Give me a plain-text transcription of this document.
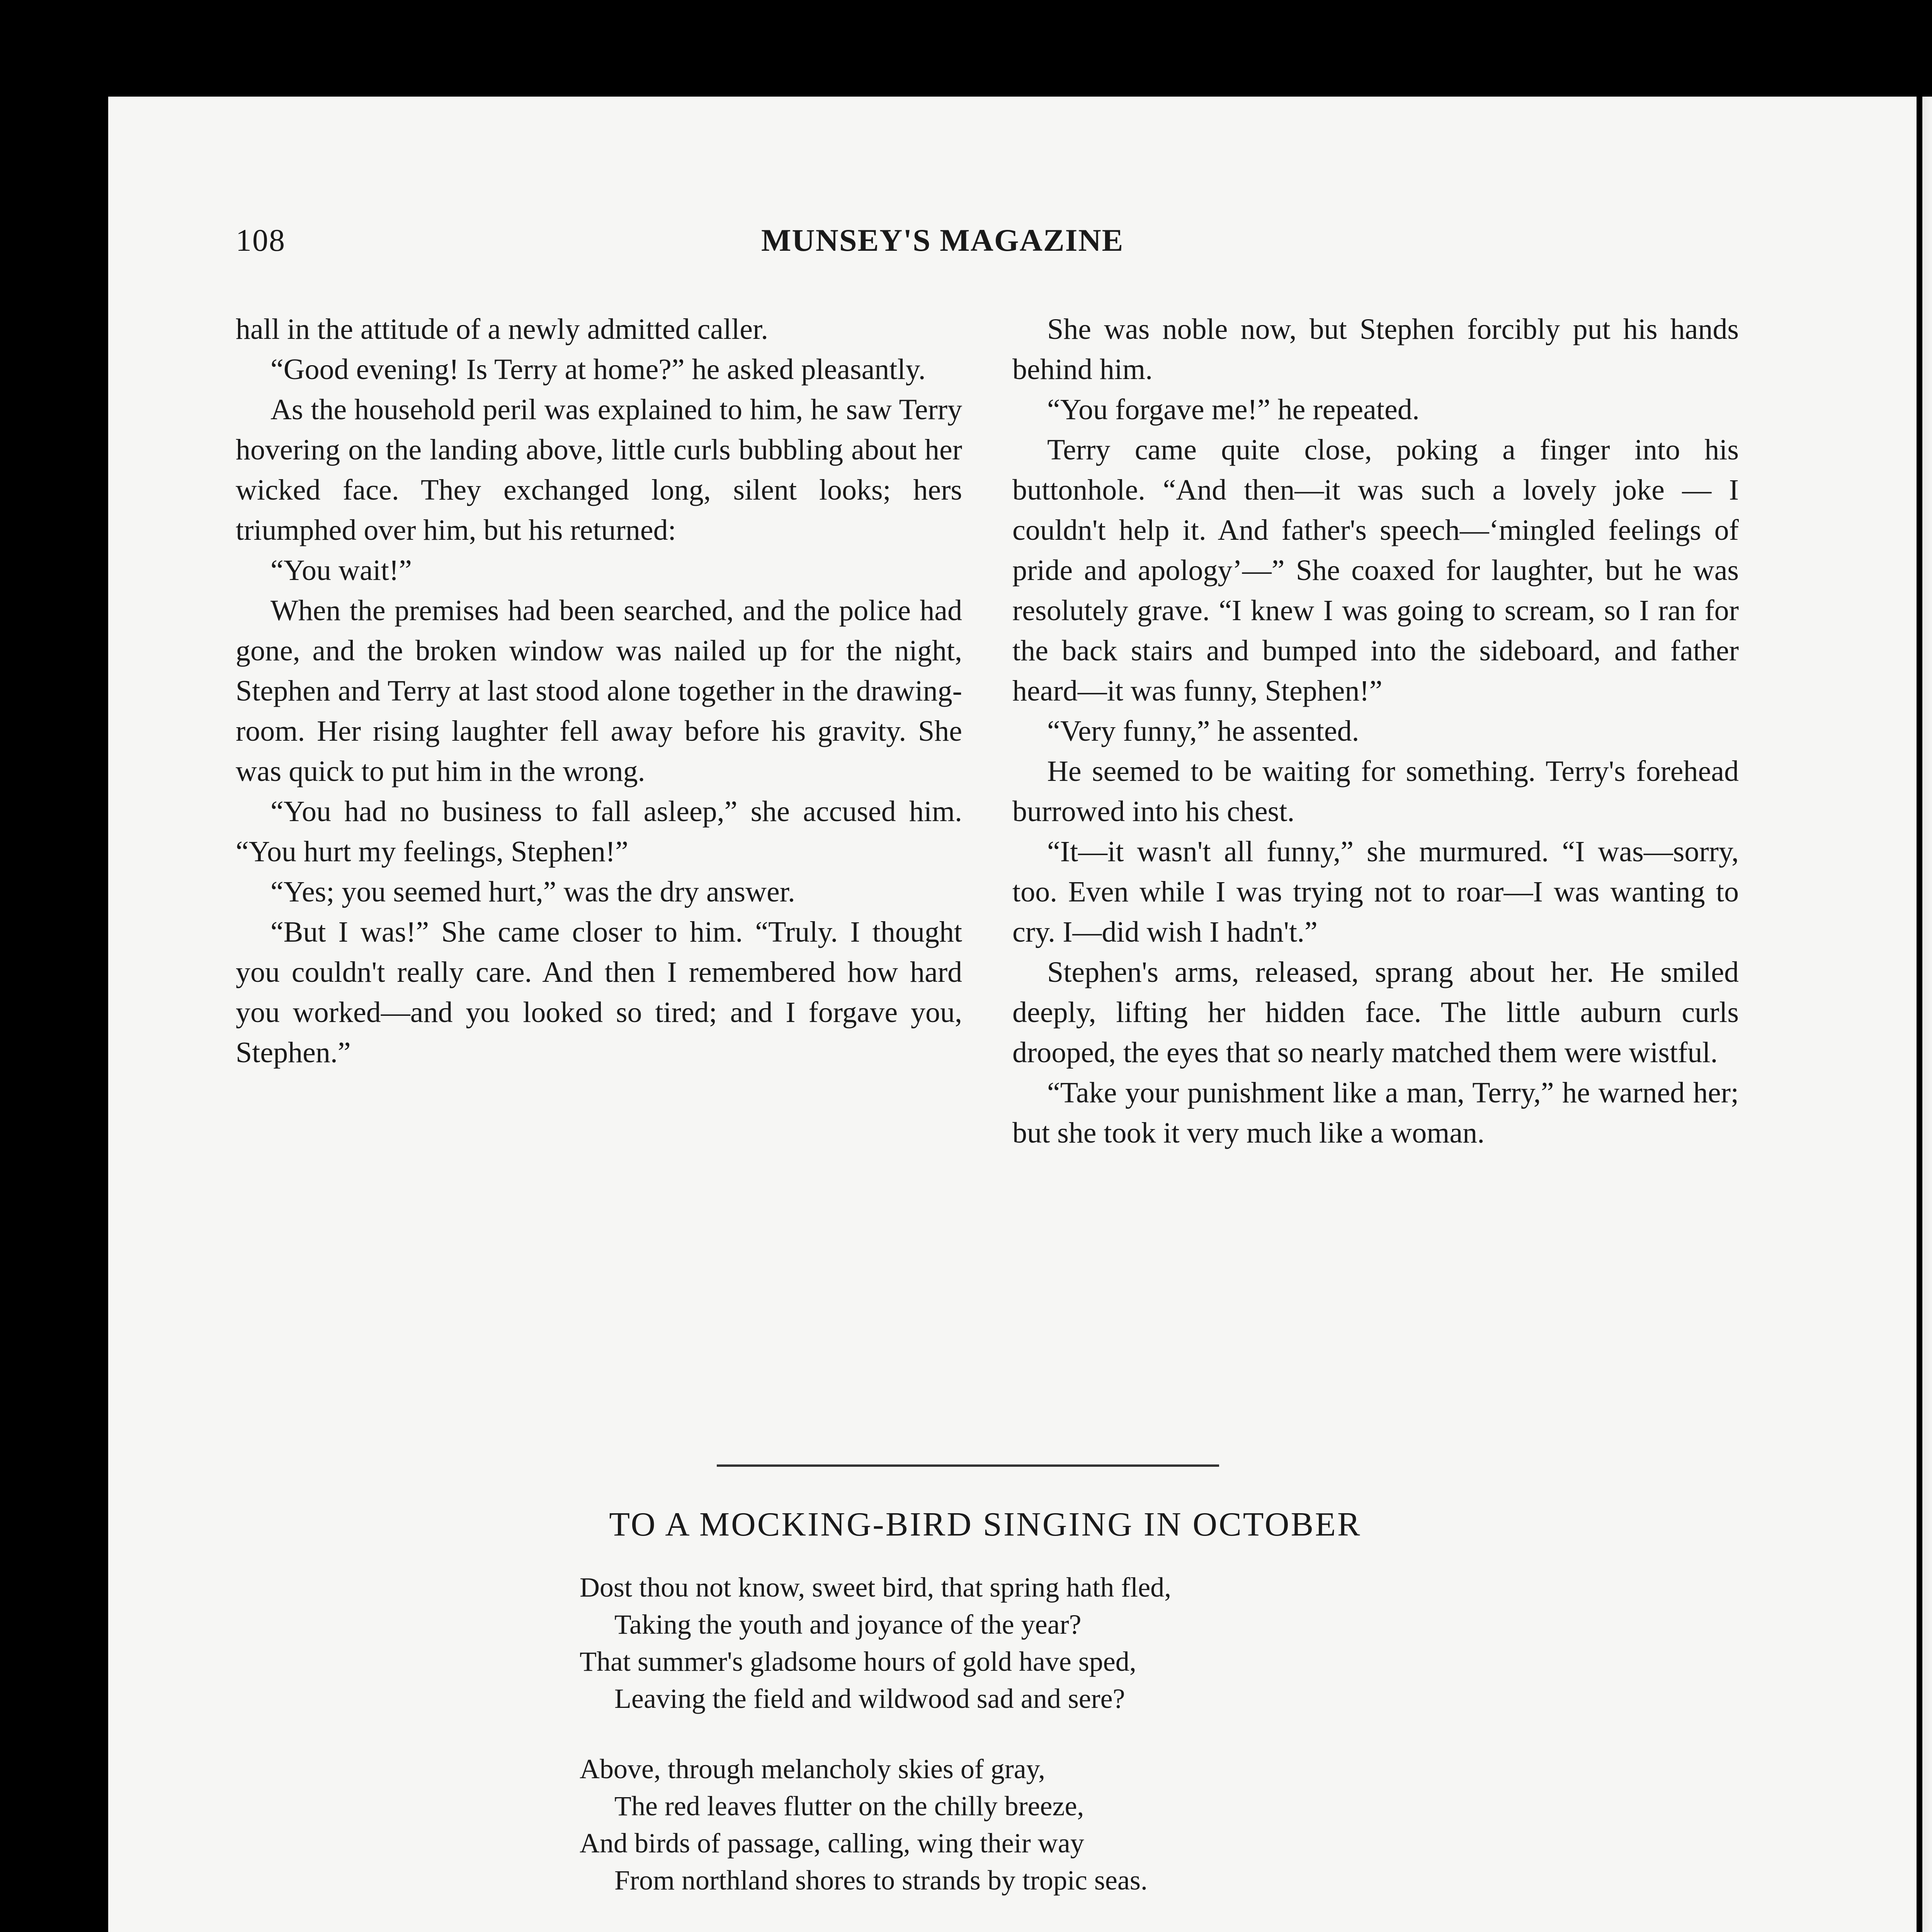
108	MUNSEY'S MAGAZINE

hall in the attitude of a newly admitted caller.

“Good evening! Is Terry at home?” he asked pleasantly.

As the household peril was explained to him, he saw Terry hovering on the landing above, little curls bubbling about her wicked face. They exchanged long, silent looks; hers triumphed over him, but his returned:

“You wait!”

When the premises had been searched, and the police had gone, and the broken window was nailed up for the night, Stephen and Terry at last stood alone together in the drawing-room. Her rising laughter fell away before his gravity. She was quick to put him in the wrong.

“You had no business to fall asleep,” she accused him. “You hurt my feelings, Stephen!”

“Yes; you seemed hurt,” was the dry answer.

“But I was!” She came closer to him. “Truly. I thought you couldn't really care. And then I remembered how hard you worked—and you looked so tired; and I forgave you, Stephen.”

She was noble now, but Stephen forcibly put his hands behind him.

“You forgave me!” he repeated.

Terry came quite close, poking a finger into his buttonhole. “And then—it was such a lovely joke — I couldn't help it. And father's speech—‘mingled feelings of pride and apology’—” She coaxed for laughter, but he was resolutely grave. “I knew I was going to scream, so I ran for the back stairs and bumped into the sideboard, and father heard—it was funny, Stephen!”

“Very funny,” he assented.

He seemed to be waiting for something. Terry's forehead burrowed into his chest.

“It—it wasn't all funny,” she murmured. “I was—sorry, too. Even while I was trying not to roar—I was wanting to cry. I—did wish I hadn't.”

Stephen's arms, released, sprang about her. He smiled deeply, lifting her hidden face. The little auburn curls drooped, the eyes that so nearly matched them were wistful.

“Take your punishment like a man, Terry,” he warned her; but she took it very much like a woman.

TO A MOCKING-BIRD SINGING IN OCTOBER
Dost thou not know, sweet bird, that spring hath fled,
Taking the youth and joyance of the year?
That summer's gladsome hours of gold have sped,
Leaving the field and wildwood sad and sere?
Above, through melancholy skies of gray,
The red leaves flutter on the chilly breeze,
And birds of passage, calling, wing their way
From northland shores to strands by tropic seas.
